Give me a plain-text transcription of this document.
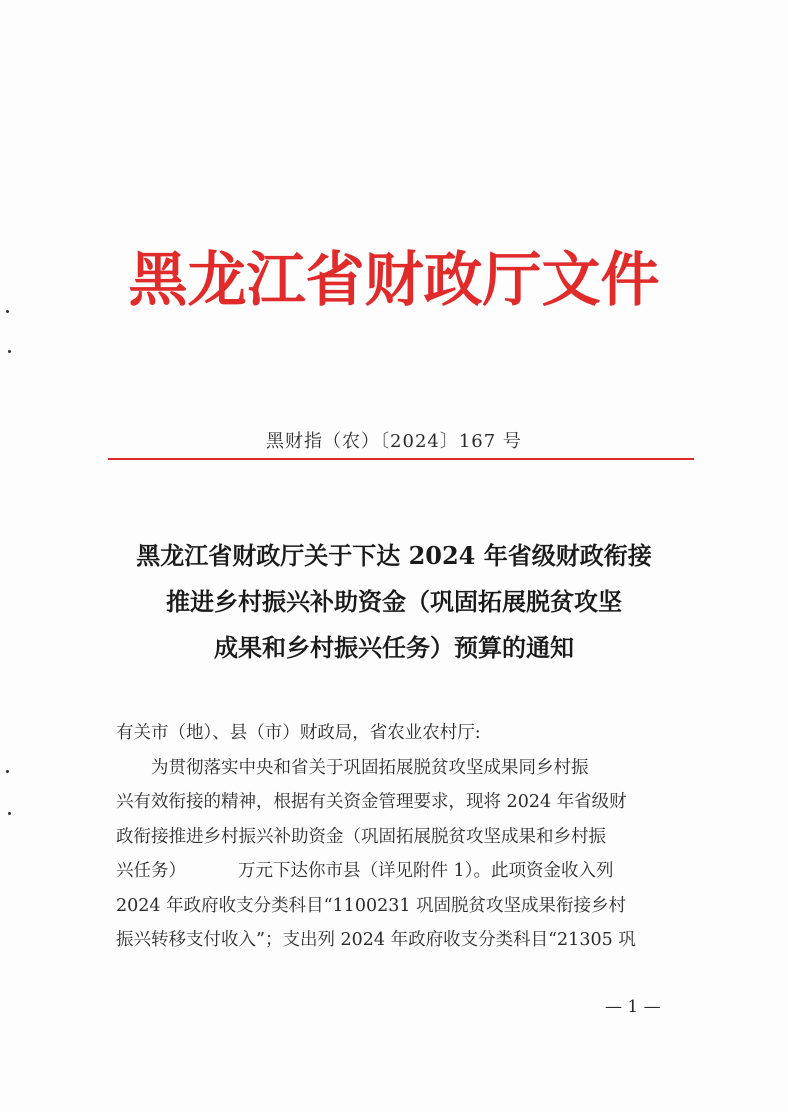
黑龙江省财政厅文件
黑财指（农）〔2024〕167 号
黑龙江省财政厅关于下达 2024 年省级财政衔接
推进乡村振兴补助资金（巩固拓展脱贫攻坚
成果和乡村振兴任务）预算的通知
有关市（地）、县（市）财政局，省农业农村厅:
为贯彻落实中央和省关于巩固拓展脱贫攻坚成果同乡村振
兴有效衔接的精神，根据有关资金管理要求，现将 2024 年省级财
政衔接推进乡村振兴补助资金（巩固拓展脱贫攻坚成果和乡村振
兴任务）	万元下达你市县（详见附件 1）。此项资金收入列
2024 年政府收支分类科目“1100231 巩固脱贫攻坚成果衔接乡村
振兴转移支付收入”；支出列 2024 年政府收支分类科目“21305 巩
— 1 —
